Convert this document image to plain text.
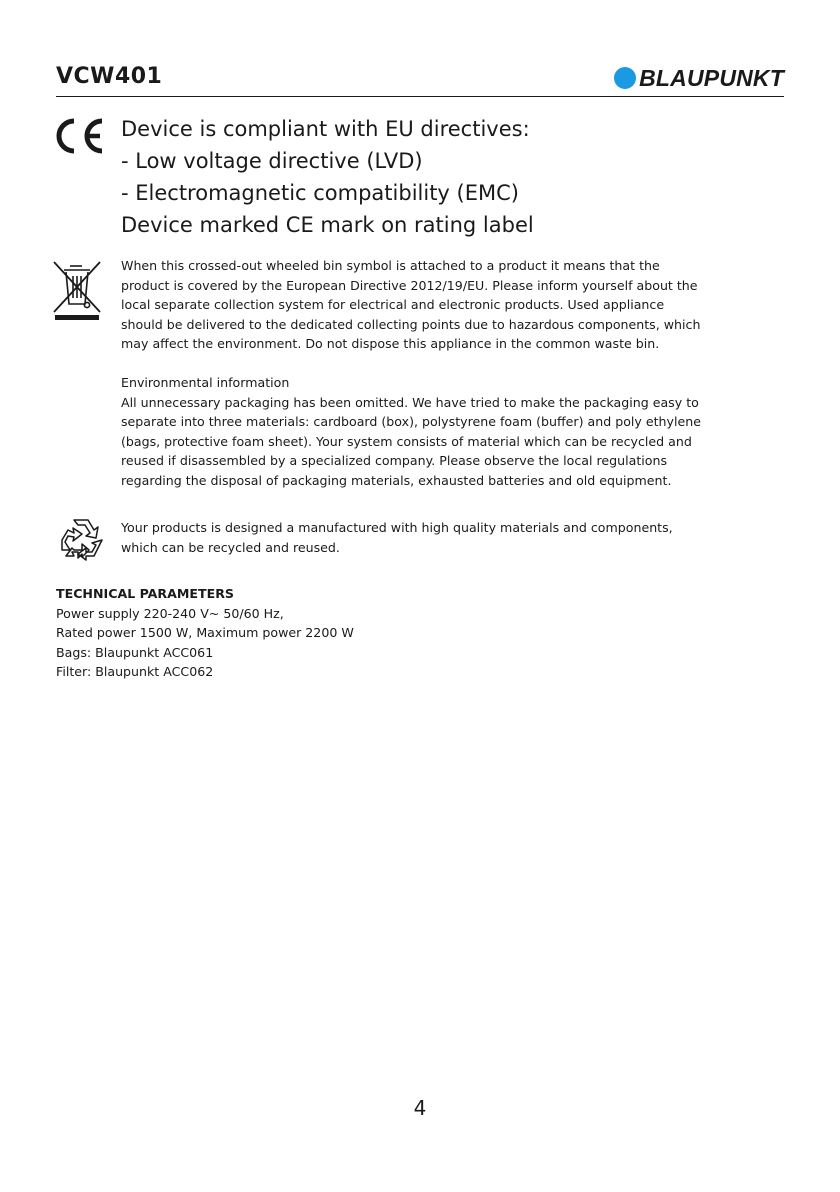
VCW401	BLAUPUNKT

Device is compliant with EU directives:

- Low voltage directive (LVD)

- Electromagnetic compatibility (EMC)

Device marked CE mark on rating label

When this crossed-out wheeled bin symbol is attached to a product it means that the
product is covered by the European Directive 2012/19/EU. Please inform yourself about the
local separate collection system for electrical and electronic products. Used appliance
should be delivered to the dedicated collecting points due to hazardous components, which
may affect the environment. Do not dispose this appliance in the common waste bin.
Environmental information
All unnecessary packaging has been omitted. We have tried to make the packaging easy to
separate into three materials: cardboard (box), polystyrene foam (buffer) and poly ethylene
(bags, protective foam sheet). Your system consists of material which can be recycled and
reused if disassembled by a specialized company. Please observe the local regulations
regarding the disposal of packaging materials, exhausted batteries and old equipment.
Your products is designed a manufactured with high quality materials and components,
which can be recycled and reused.
TECHNICAL PARAMETERS
Power supply 220-240 V~ 50/60 Hz,
Rated power 1500 W, Maximum power 2200 W
Bags: Blaupunkt ACC061
Filter: Blaupunkt ACC062
4
